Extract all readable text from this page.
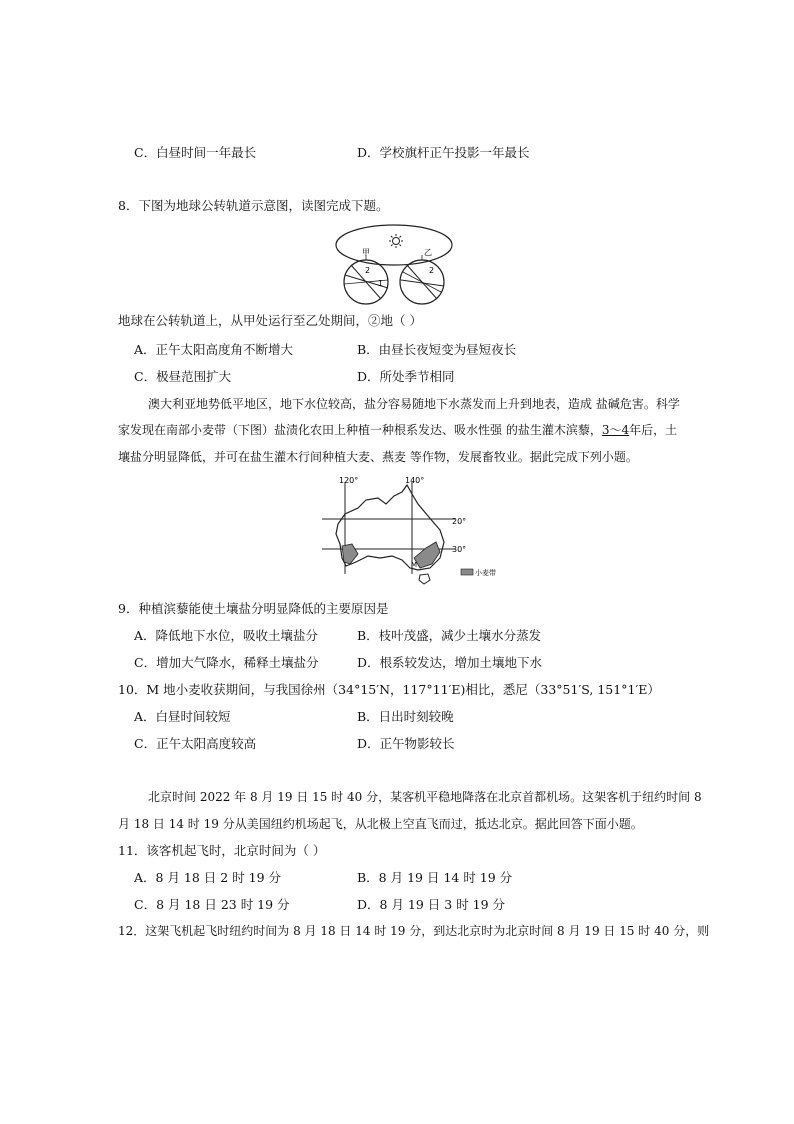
C．白昼时间一年最长	D．学校旗杆正午投影一年最长
8．下图为地球公转轨道示意图，读图完成下题。
甲	乙
2
1
2
地球在公转轨道上，从甲处运行至乙处期间，②地（ ）
A．正午太阳高度角不断增大	B．由昼长夜短变为昼短夜长
C．极昼范围扩大	D．所处季节相同
澳大利亚地势低平地区，地下水位较高，盐分容易随地下水蒸发而上升到地表，造成 盐碱危害。科学
家发现在南部小麦带（下图）盐渍化农田上种植一种根系发达、吸水性强 的盐生灌木滨藜，3～4年后，土
壤盐分明显降低，并可在盐生灌木行间种植大麦、燕麦 等作物，发展畜牧业。据此完成下列小题。
120°	140°
20°
30°
M
小麦带
9．种植滨藜能使土壤盐分明显降低的主要原因是
A．降低地下水位，吸收土壤盐分	B．枝叶茂盛，减少土壤水分蒸发
C．增加大气降水，稀释土壤盐分	D．根系较发达，增加土壤地下水
10．M 地小麦收获期间，与我国徐州（34°15′N，117°11′E)相比，悉尼（33°51′S, 151°1′E）
A．白昼时间较短	B．日出时刻较晚
C．正午太阳高度较高	D．正午物影较长
北京时间 2022 年 8 月 19 日 15 时 40 分，某客机平稳地降落在北京首都机场。这架客机于纽约时间 8
月 18 日 14 时 19 分从美国纽约机场起飞，从北极上空直飞而过，抵达北京。据此回答下面小题。
11．该客机起飞时，北京时间为（ ）
A．8 月 18 日 2 时 19 分	B．8 月 19 日 14 时 19 分
C．8 月 18 日 23 时 19 分	D．8 月 19 日 3 时 19 分
12．这架飞机起飞时纽约时间为 8 月 18 日 14 时 19 分，到达北京时为北京时间 8 月 19 日 15 时 40 分，则
